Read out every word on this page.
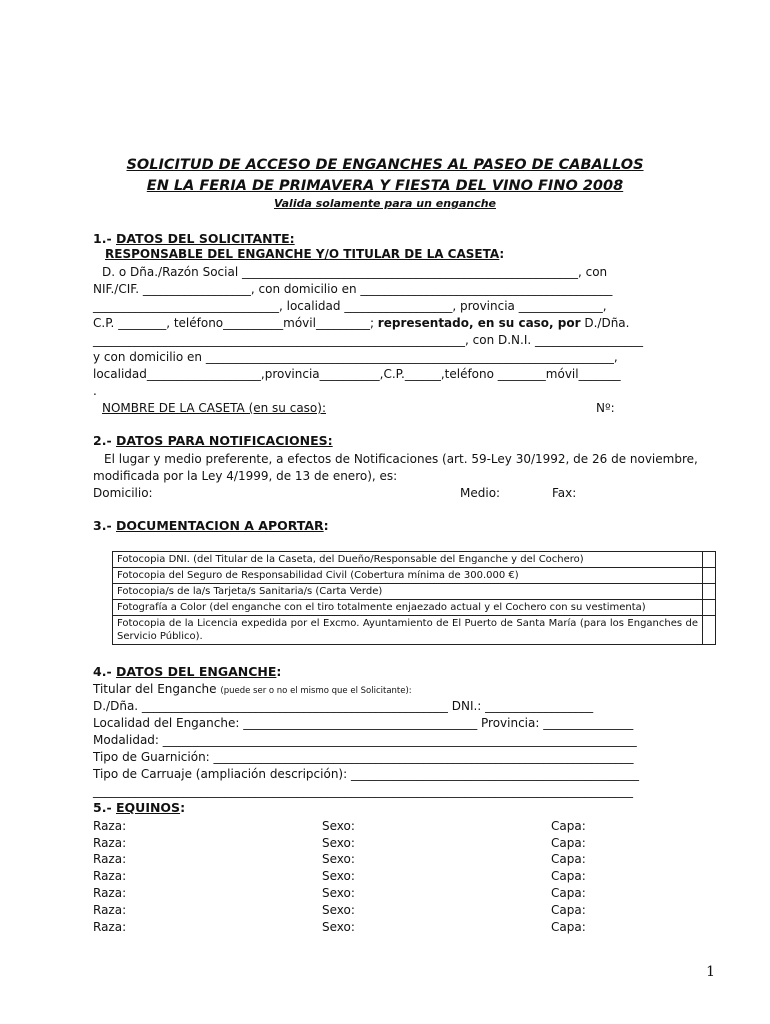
SOLICITUD DE ACCESO DE ENGANCHES AL PASEO DE CABALLOS
EN LA FERIA DE PRIMAVERA Y FIESTA DEL VINO FINO 2008
Valida solamente para un enganche
1.- DATOS DEL SOLICITANTE:
RESPONSABLE DEL ENGANCHE Y/O TITULAR DE LA CASETA:
D. o Dña./Razón Social ________________________________________________________, con
NIF./CIF. __________________, con domicilio en __________________________________________
_______________________________, localidad __________________, provincia ______________,
C.P. ________, teléfono__________móvil_________; representado, en su caso, por D./Dña.
______________________________________________________________, con D.N.I. __________________
y con domicilio en ____________________________________________________________________,
localidad___________________,provincia__________,C.P.______,teléfono ________móvil_______
.
NOMBRE DE LA CASETA (en su caso):	Nº:
2.- DATOS PARA NOTIFICACIONES:
El lugar y medio preferente, a efectos de Notificaciones (art. 59-Ley 30/1992, de 26 de noviembre,
modificada por la Ley 4/1999, de 13 de enero), es:
Domicilio:	Medio:	Fax:
3.- DOCUMENTACION A APORTAR:
Fotocopia DNI. (del Titular de la Caseta, del Dueño/Responsable del Enganche y del Cochero)	
Fotocopia del Seguro de Responsabilidad Civil (Cobertura mínima de 300.000 €)	
Fotocopia/s de la/s Tarjeta/s Sanitaria/s (Carta Verde)	
Fotografía a Color (del enganche con el tiro totalmente enjaezado actual y el Cochero con su vestimenta)	
Fotocopia de la Licencia expedida por el Excmo. Ayuntamiento de El Puerto de Santa María (para los Enganches de Servicio Público).	
4.- DATOS DEL ENGANCHE:
Titular del Enganche (puede ser o no el mismo que el Solicitante):
D./Dña. ___________________________________________________ DNI.: __________________
Localidad del Enganche: _______________________________________ Provincia: _______________
Modalidad: _______________________________________________________________________________
Tipo de Guarnición: ______________________________________________________________________
Tipo de Carruaje (ampliación descripción): ________________________________________________
__________________________________________________________________________________________
5.- EQUINOS:
Raza:	Sexo:	Capa:
Raza:	Sexo:	Capa:
Raza:	Sexo:	Capa:
Raza:	Sexo:	Capa:
Raza:	Sexo:	Capa:
Raza:	Sexo:	Capa:
Raza:	Sexo:	Capa:
1
